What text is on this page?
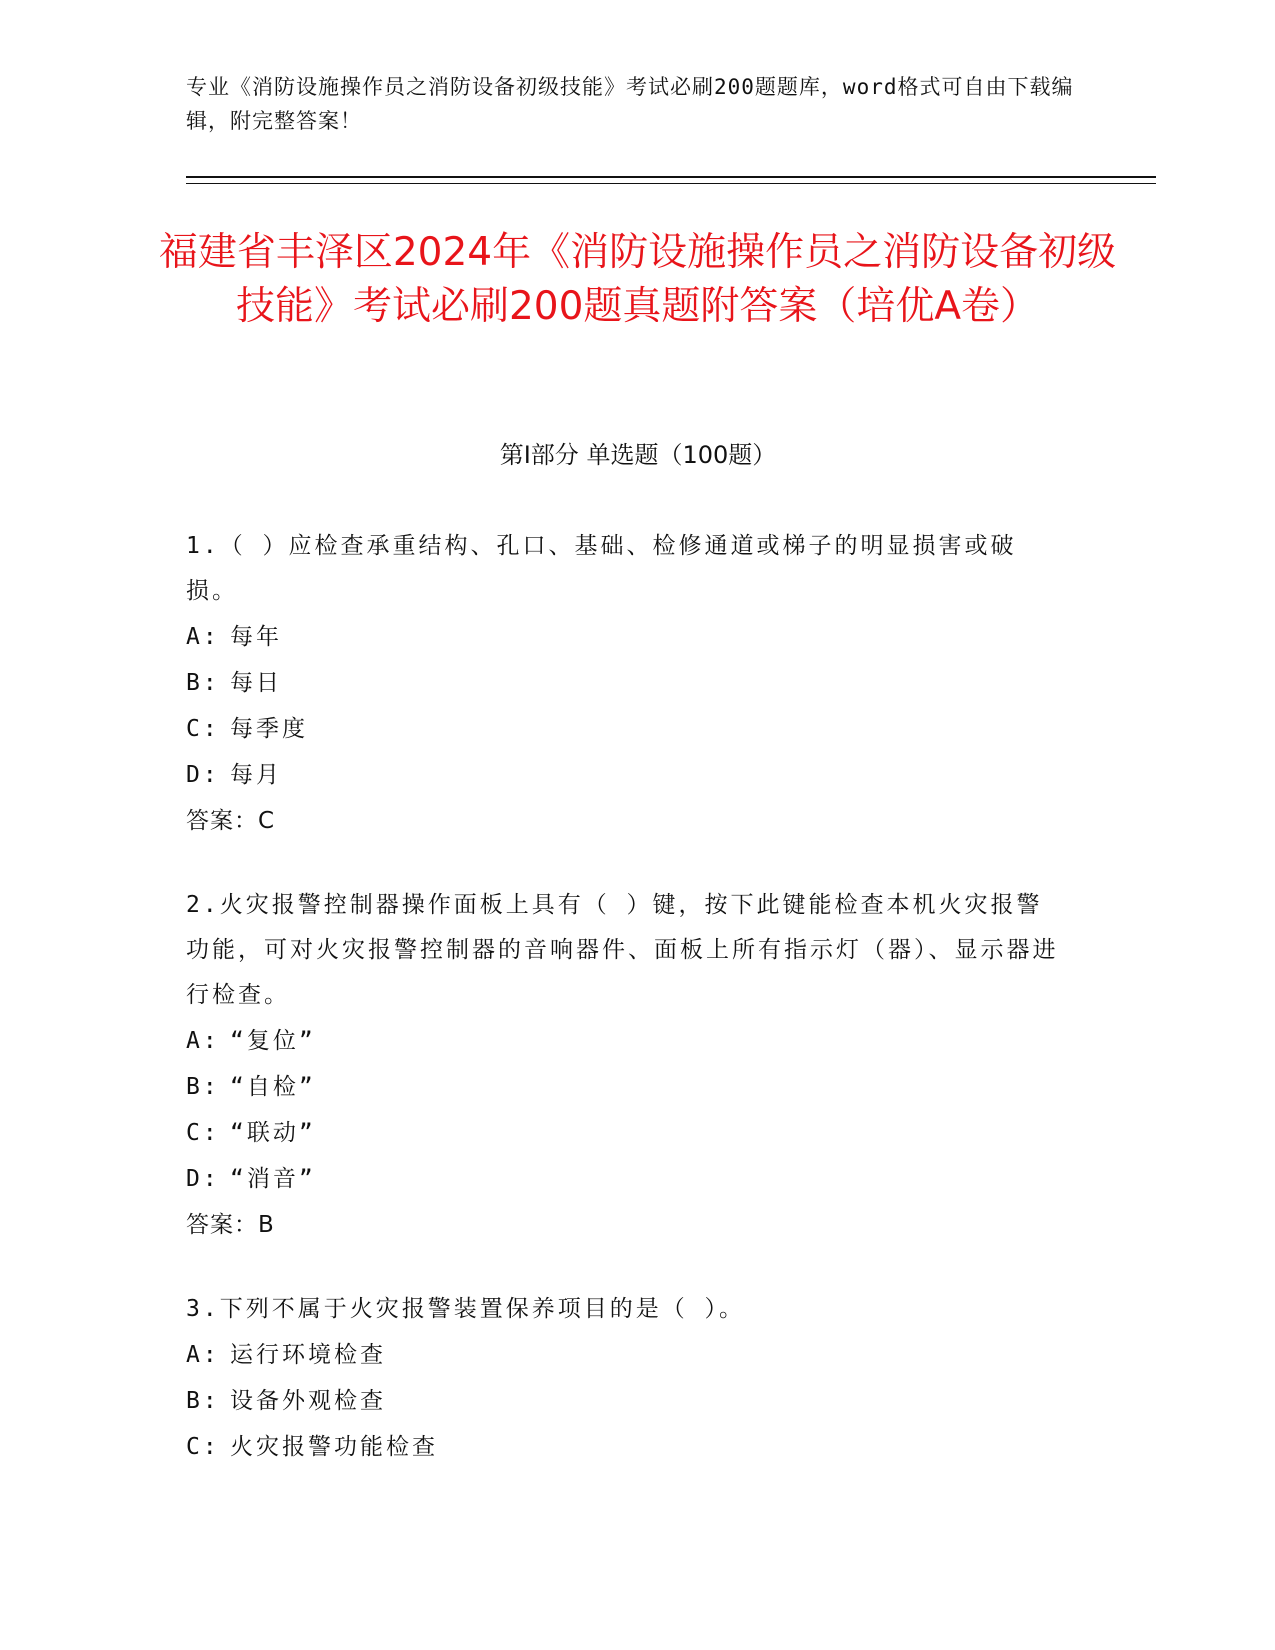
专业《消防设施操作员之消防设备初级技能》考试必刷200题题库，word格式可自由下载编辑，附完整答案！
福建省丰泽区2024年《消防设施操作员之消防设备初级技能》考试必刷200题真题附答案（培优A卷）
第I部分 单选题（100题）
1.（ ）应检查承重结构、孔口、基础、检修通道或梯子的明显损害或破损。
A: 每年
B: 每日
C: 每季度
D: 每月
答案：C
2.火灾报警控制器操作面板上具有（ ）键，按下此键能检查本机火灾报警功能，可对火灾报警控制器的音响器件、面板上所有指示灯（器）、显示器进行检查。
A: “复位”
B: “自检”
C: “联动”
D: “消音”
答案：B
3.下列不属于火灾报警装置保养项目的是（ ）。
A: 运行环境检查
B: 设备外观检查
C: 火灾报警功能检查
